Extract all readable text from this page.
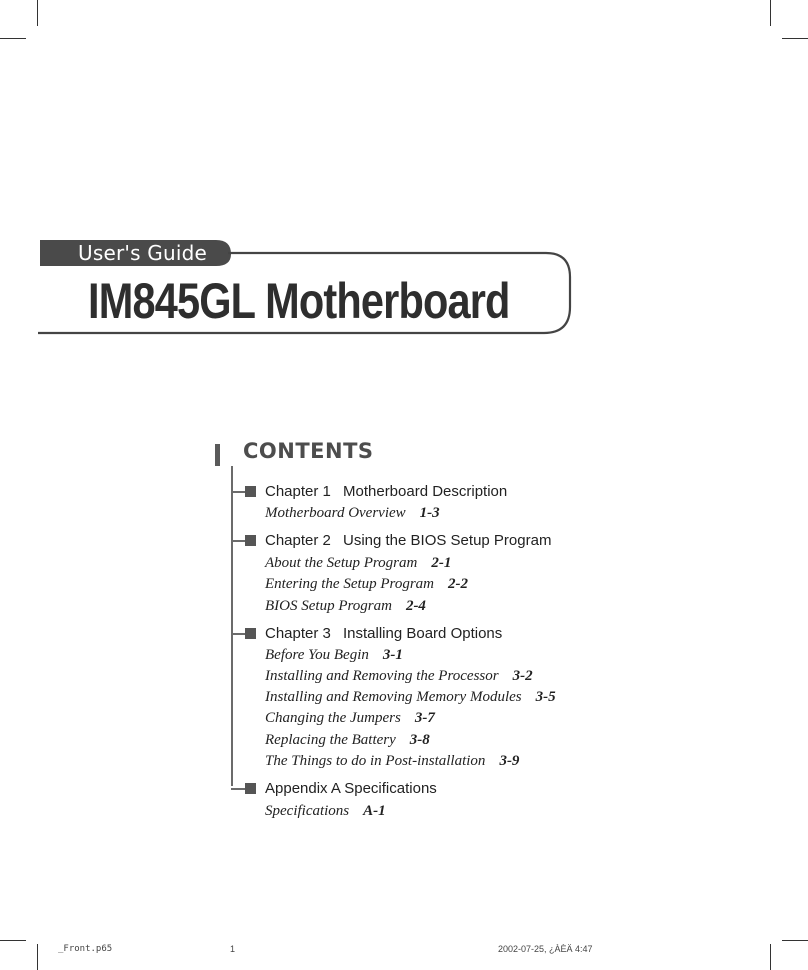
User's Guide
IM845GL Motherboard
CONTENTS
Chapter 1 Motherboard Description
Motherboard Overview 1-3
Chapter 2 Using the BIOS Setup Program
About the Setup Program 2-1
Entering the Setup Program 2-2
BIOS Setup Program 2-4
Chapter 3 Installing Board Options
Before You Begin 3-1
Installing and Removing the Processor 3-2
Installing and Removing Memory Modules 3-5
Changing the Jumpers 3-7
Replacing the Battery 3-8
The Things to do in Post-installation 3-9
Appendix A Specifications
Specifications A-1
_Front.p65	1	2002-07-25, ¿ÀÈÄ 4:47
